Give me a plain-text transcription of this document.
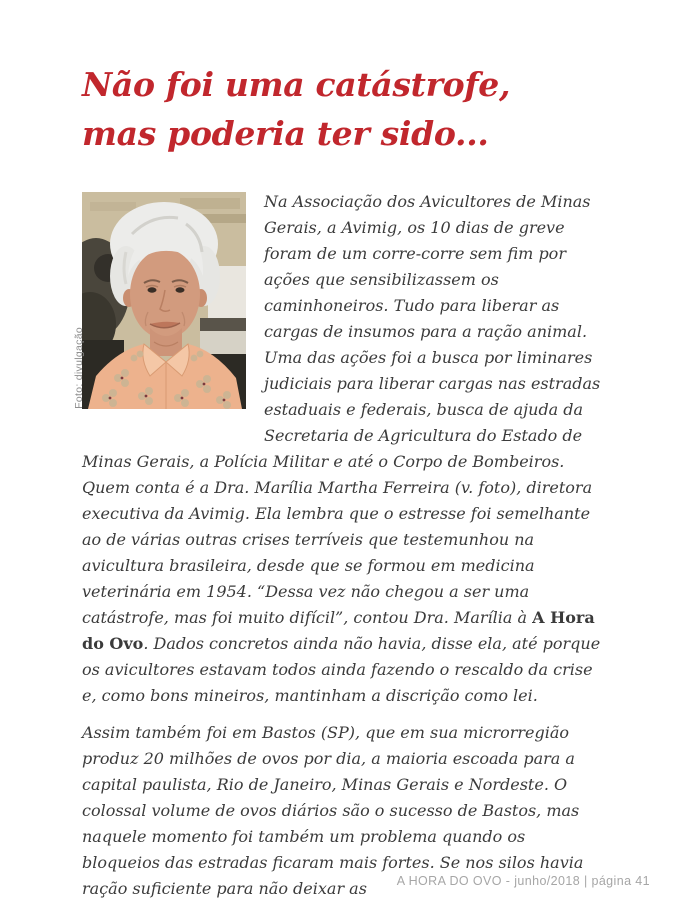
Não foi uma catástrofe,
mas poderia ter sido...
Foto: divulgação

Na Associação dos Avicultores de Minas Gerais, a Avimig, os 10 dias de greve foram de um corre-corre sem fim por ações que sensibilizassem os caminhoneiros. Tudo para liberar as cargas de insumos para a ração animal. Uma das ações foi a busca por liminares judiciais para liberar cargas nas estradas estaduais e federais, busca de ajuda da Secretaria de Agricultura do Estado de Minas Gerais, a Polícia Militar e até o Corpo de Bombeiros. Quem conta é a Dra. Marília Martha Ferreira (v. foto), diretora executiva da Avimig. Ela lembra que o estresse foi semelhante ao de várias outras crises terríveis que testemunhou na avicultura brasileira, desde que se formou em medicina veterinária em 1954. “Dessa vez não chegou a ser uma catástrofe, mas foi muito difícil”, contou Dra. Marília à A Hora do Ovo. Dados concretos ainda não havia, disse ela, até porque os avicultores estavam todos ainda fazendo o rescaldo da crise e, como bons mineiros, mantinham a discrição como lei.

Assim também foi em Bastos (SP), que em sua microrregião produz 20 milhões de ovos por dia, a maioria escoada para a capital paulista, Rio de Janeiro, Minas Gerais e Nordeste. O colossal volume de ovos diários são o sucesso de Bastos, mas naquele momento foi também um problema quando os bloqueios das estradas ficaram mais fortes. Se nos silos havia ração suficiente para não deixar as	A HORA DO OVO - junho/2018 | página 41
